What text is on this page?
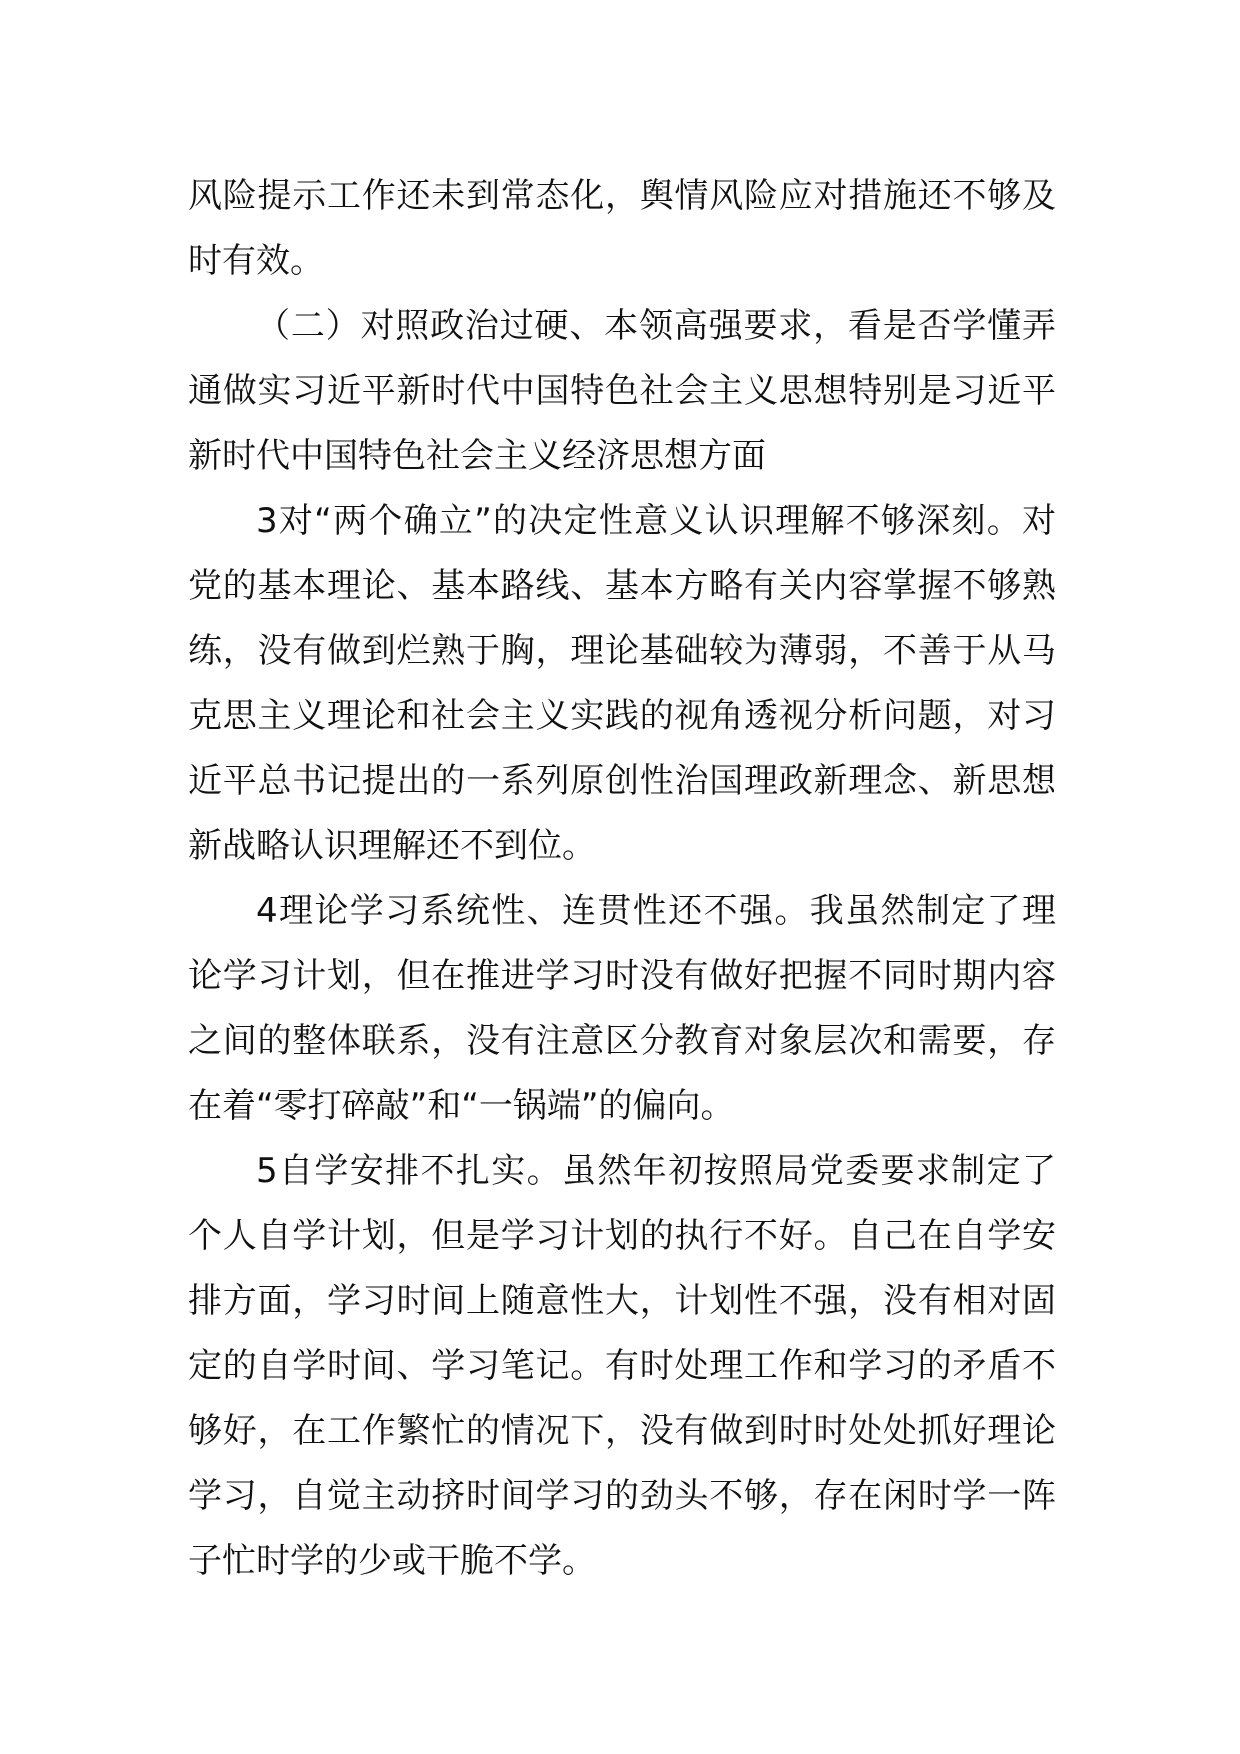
风险提示工作还未到常态化，舆情风险应对措施还不够及时有效。

（二）对照政治过硬、本领高强要求，看是否学懂弄通做实习近平新时代中国特色社会主义思想特别是习近平新时代中国特色社会主义经济思想方面

3对“两个确立”的决定性意义认识理解不够深刻。对党的基本理论、基本路线、基本方略有关内容掌握不够熟练，没有做到烂熟于胸，理论基础较为薄弱，不善于从马克思主义理论和社会主义实践的视角透视分析问题，对习近平总书记提出的一系列原创性治国理政新理念、新思想新战略认识理解还不到位。

4理论学习系统性、连贯性还不强。我虽然制定了理论学习计划，但在推进学习时没有做好把握不同时期内容之间的整体联系，没有注意区分教育对象层次和需要，存在着“零打碎敲”和“一锅端”的偏向。

5自学安排不扎实。虽然年初按照局党委要求制定了个人自学计划，但是学习计划的执行不好。自己在自学安排方面，学习时间上随意性大，计划性不强，没有相对固定的自学时间、学习笔记。有时处理工作和学习的矛盾不够好，在工作繁忙的情况下，没有做到时时处处抓好理论学习，自觉主动挤时间学习的劲头不够，存在闲时学一阵子忙时学的少或干脆不学。
